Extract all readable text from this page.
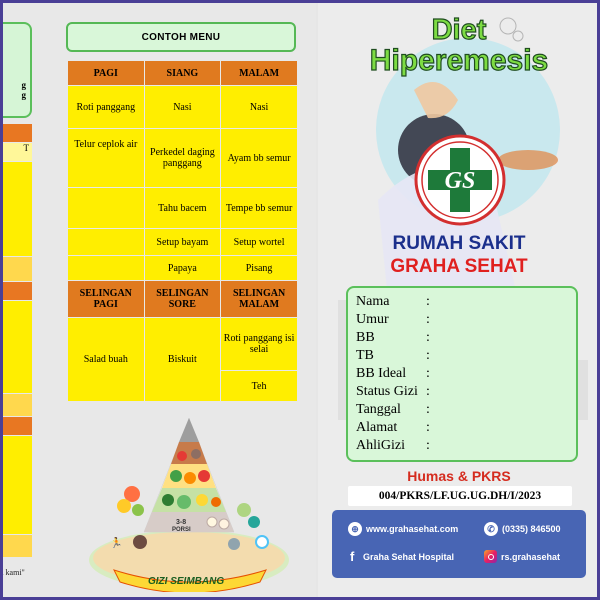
g
g
T
a kami"
CONTOH MENU
PAGI	SIANG	MALAM
Roti panggang	Nasi	Nasi
Telur ceplok air	Perkedel daging panggang	Ayam bb semur
	Tahu bacem	Tempe bb semur
	Setup bayam	Setup wortel
	Papaya	Pisang
SELINGAN PAGI	SELINGAN SORE	SELINGAN MALAM
Salad buah	Biskuit	Roti panggang isi selai
		Teh
3-8
PORSI
🏃
GIZI SEIMBANG
Diet
Hiperemesis
GS
RUMAH SAKIT
GRAHA SEHAT
Nama	:
Umur	:
BB	:
TB	:
BB Ideal :
Status Gizi :
Tanggal :
Alamat :
AhliGizi :
Humas & PKRS
004/PKRS/LF.UG.UG.DH/I/2023
⊕ www.grahasehat.com	✆ (0335) 846500
f Graha Sehat Hospital	rs.grahasehat
